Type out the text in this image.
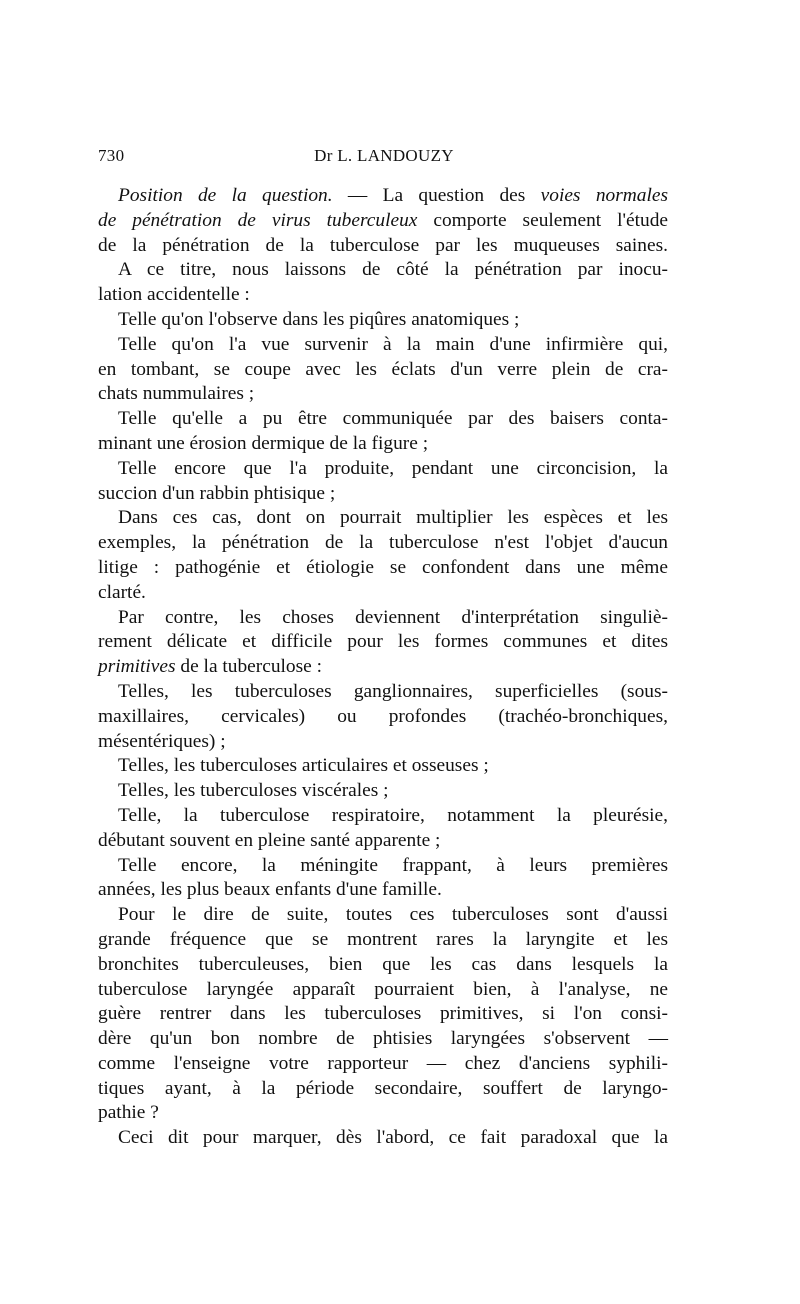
730	Dr L. LANDOUZY
Position de la question. — La question des voies normales
de pénétration de virus tuberculeux comporte seulement l'étude
de la pénétration de la tuberculose par les muqueuses saines.
A ce titre, nous laissons de côté la pénétration par inocu-
lation accidentelle :
Telle qu'on l'observe dans les piqûres anatomiques ;
Telle qu'on l'a vue survenir à la main d'une infirmière qui,
en tombant, se coupe avec les éclats d'un verre plein de cra-
chats nummulaires ;
Telle qu'elle a pu être communiquée par des baisers conta-
minant une érosion dermique de la figure ;
Telle encore que l'a produite, pendant une circoncision, la
succion d'un rabbin phtisique ;
Dans ces cas, dont on pourrait multiplier les espèces et les
exemples, la pénétration de la tuberculose n'est l'objet d'aucun
litige : pathogénie et étiologie se confondent dans une même
clarté.
Par contre, les choses deviennent d'interprétation singuliè-
rement délicate et difficile pour les formes communes et dites
primitives de la tuberculose :
Telles, les tuberculoses ganglionnaires, superficielles (sous-
maxillaires, cervicales) ou profondes (trachéo-bronchiques,
mésentériques) ;
Telles, les tuberculoses articulaires et osseuses ;
Telles, les tuberculoses viscérales ;
Telle, la tuberculose respiratoire, notamment la pleurésie,
débutant souvent en pleine santé apparente ;
Telle encore, la méningite frappant, à leurs premières
années, les plus beaux enfants d'une famille.
Pour le dire de suite, toutes ces tuberculoses sont d'aussi
grande fréquence que se montrent rares la laryngite et les
bronchites tuberculeuses, bien que les cas dans lesquels la
tuberculose laryngée apparaît pourraient bien, à l'analyse, ne
guère rentrer dans les tuberculoses primitives, si l'on consi-
dère qu'un bon nombre de phtisies laryngées s'observent —
comme l'enseigne votre rapporteur — chez d'anciens syphili-
tiques ayant, à la période secondaire, souffert de laryngo-
pathie ?
Ceci dit pour marquer, dès l'abord, ce fait paradoxal que la
